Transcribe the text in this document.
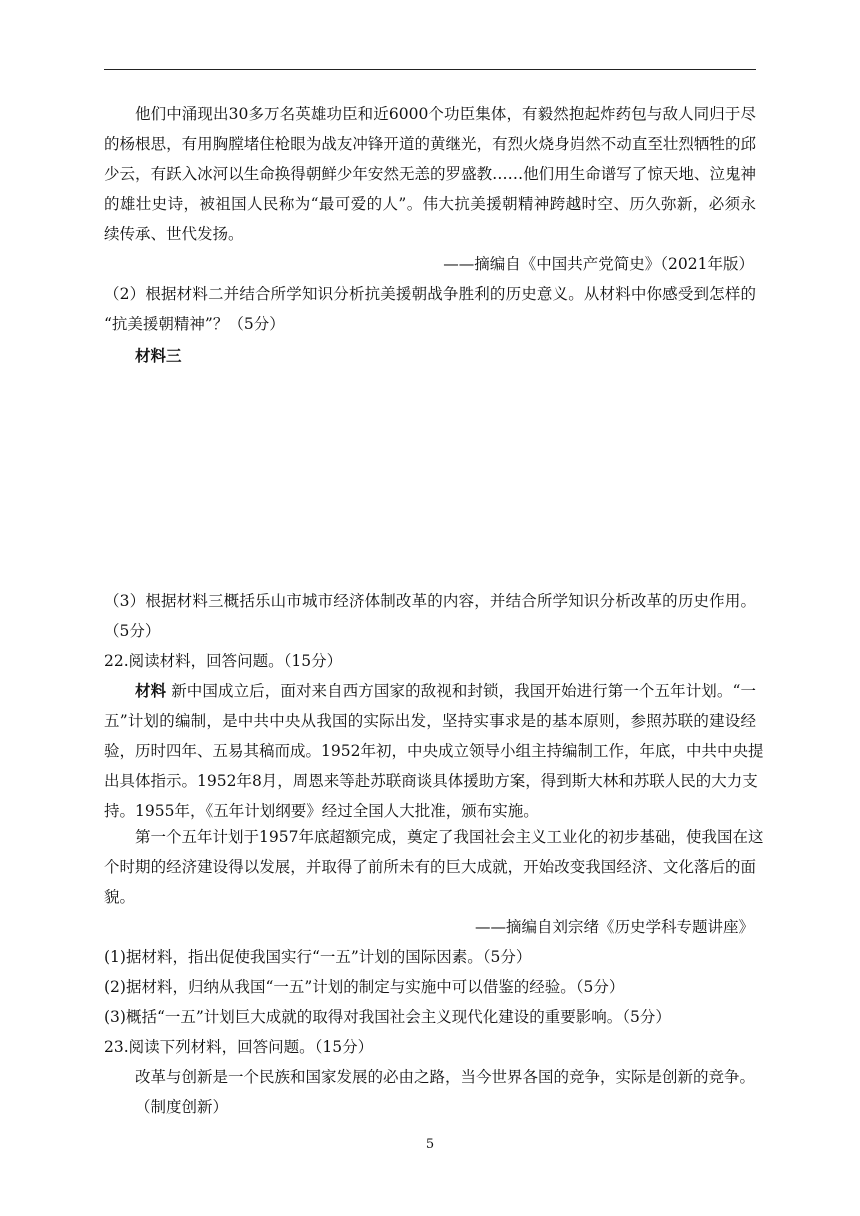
他们中涌现出30多万名英雄功臣和近6000个功臣集体，有毅然抱起炸药包与敌人同归于尽
的杨根思，有用胸膛堵住枪眼为战友冲锋开道的黄继光，有烈火烧身岿然不动直至壮烈牺牲的邱
少云，有跃入冰河以生命换得朝鲜少年安然无恙的罗盛教……他们用生命谱写了惊天地、泣鬼神
的雄壮史诗，被祖国人民称为“最可爱的人”。伟大抗美援朝精神跨越时空、历久弥新，必须永
续传承、世代发扬。
——摘编自《中国共产党简史》（2021年版）
（2）根据材料二并结合所学知识分析抗美援朝战争胜利的历史意义。从材料中你感受到怎样的
“抗美援朝精神”？（5分）
材料三
（3）根据材料三概括乐山市城市经济体制改革的内容，并结合所学知识分析改革的历史作用。
（5分）
22.阅读材料，回答问题。（15分）
材料 新中国成立后，面对来自西方国家的敌视和封锁，我国开始进行第一个五年计划。“一
五”计划的编制，是中共中央从我国的实际出发，坚持实事求是的基本原则，参照苏联的建设经
验，历时四年、五易其稿而成。1952年初，中央成立领导小组主持编制工作，年底，中共中央提
出具体指示。1952年8月，周恩来等赴苏联商谈具体援助方案，得到斯大林和苏联人民的大力支
持。1955年，《五年计划纲要》经过全国人大批准，颁布实施。
第一个五年计划于1957年底超额完成，奠定了我国社会主义工业化的初步基础，使我国在这
个时期的经济建设得以发展，并取得了前所未有的巨大成就，开始改变我国经济、文化落后的面
貌。
——摘编自刘宗绪《历史学科专题讲座》
(1)据材料，指出促使我国实行“一五”计划的国际因素。（5分）
(2)据材料，归纳从我国“一五”计划的制定与实施中可以借鉴的经验。（5分）
(3)概括“一五”计划巨大成就的取得对我国社会主义现代化建设的重要影响。（5分）
23.阅读下列材料，回答问题。（15分）
改革与创新是一个民族和国家发展的必由之路，当今世界各国的竞争，实际是创新的竞争。
（制度创新）
5
